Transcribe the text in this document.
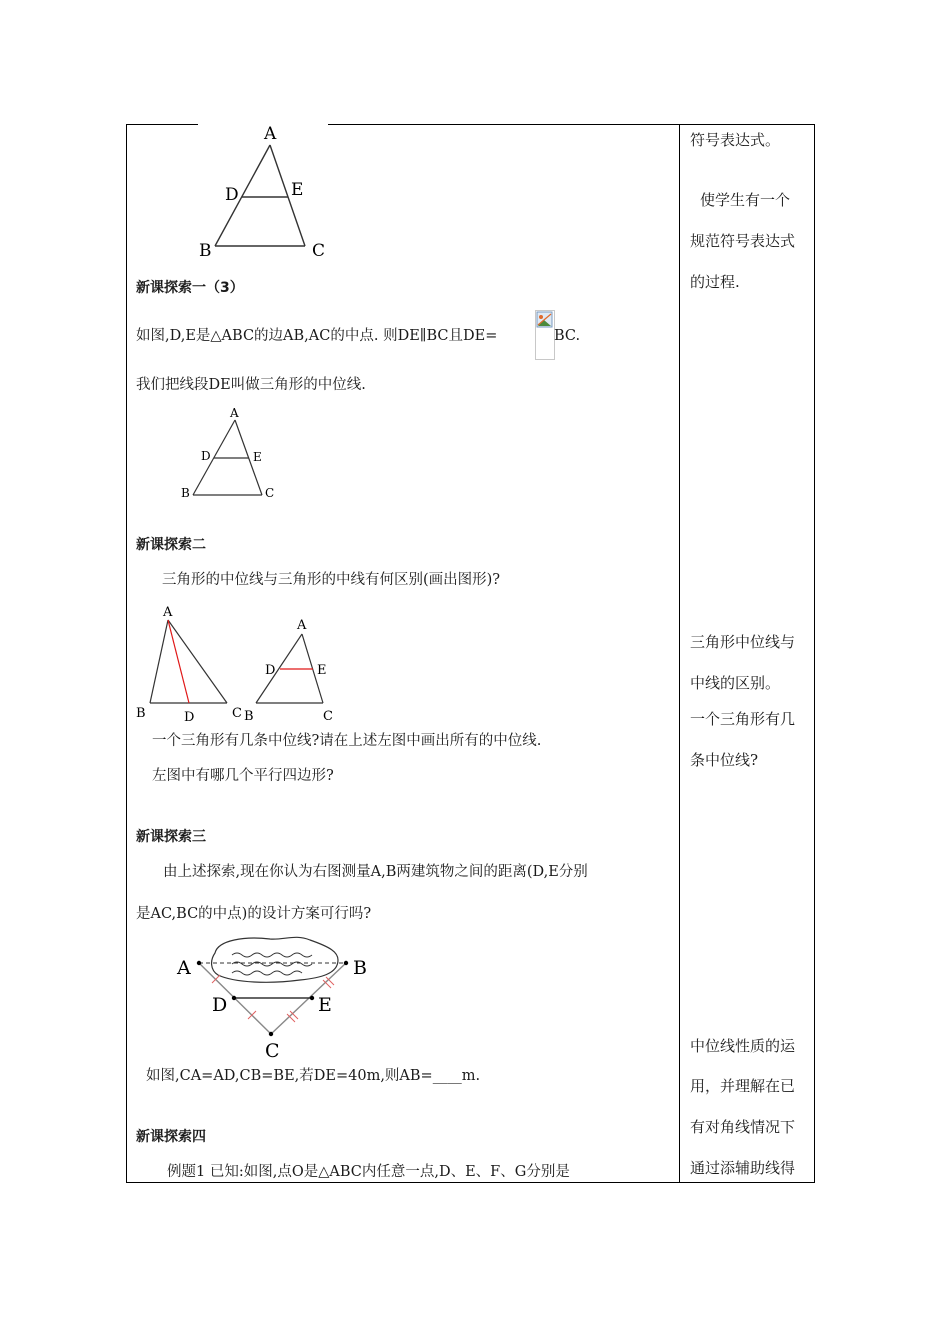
A
D	E
B	C
新课探索一（3）
如图,D,E是△ABC的边AB,AC的中点. 则DE∥BC且DE=	BC.
我们把线段DE叫做三角形的中位线.
A
D	E
B	C
新课探索二
三角形的中位线与三角形的中线有何区别(画出图形)?
A
B	D	C
A
D	E
B	C
一个三角形有几条中位线?请在上述左图中画出所有的中位线.
左图中有哪几个平行四边形?
新课探索三
由上述探索,现在你认为右图测量A,B两建筑物之间的距离(D,E分别
是AC,BC的中点)的设计方案可行吗?
A	B
D	E
C
如图,CA=AD,CB=BE,若DE=40m,则AB=____m.
新课探索四
例题1 已知:如图,点O是△ABC内任意一点,D、E、F、G分别是
符号表达式。
使学生有一个
规范符号表达式
的过程.
三角形中位线与
中线的区别。
一个三角形有几
条中位线?
中位线性质的运
用，并理解在已
有对角线情况下
通过添辅助线得
